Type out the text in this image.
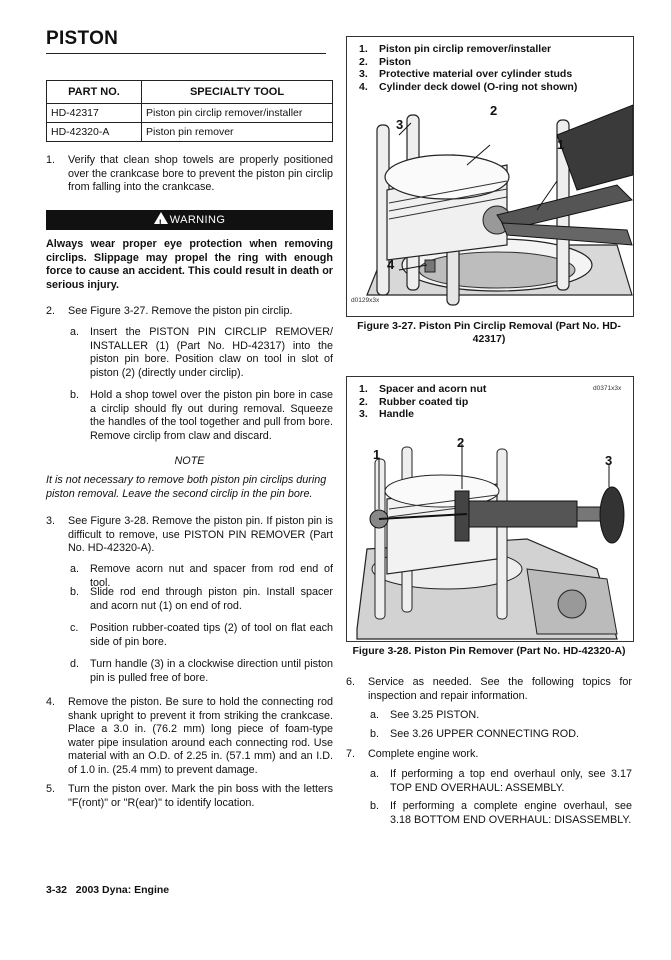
PISTON
PART NO.	SPECIALTY TOOL
HD-42317	Piston pin circlip remover/installer
HD-42320-A	Piston pin remover
1. Verify that clean shop towels are properly positioned over the crankcase bore to prevent the piston pin circlip from falling into the crankcase.
!WARNING
Always wear proper eye protection when removing circlips. Slippage may propel the ring with enough force to cause an accident. This could result in death or serious injury.
2. See Figure 3-27. Remove the piston pin circlip.
a. Insert the PISTON PIN CIRCLIP REMOVER/ INSTALLER (1) (Part No. HD-42317) into the piston pin bore. Position claw on tool in slot of piston (2) (directly under circlip).
b. Hold a shop towel over the piston pin bore in case a circlip should fly out during removal. Squeeze the handles of the tool together and pull from bore. Remove circlip from claw and discard.
NOTE
It is not necessary to remove both piston pin circlips during piston removal. Leave the second circlip in the pin bore.
3. See Figure 3-28. Remove the piston pin. If piston pin is difficult to remove, use PISTON PIN REMOVER (Part No. HD-42320-A).
a. Remove acorn nut and spacer from rod end of tool.
b. Slide rod end through piston pin. Install spacer and acorn nut (1) on end of rod.
c. Position rubber-coated tips (2) of tool on flat each side of pin bore.
d. Turn handle (3) in a clockwise direction until piston pin is pulled free of bore.
4. Remove the piston. Be sure to hold the connecting rod shank upright to prevent it from striking the crankcase. Place a 3.0 in. (76.2 mm) long piece of foam-type water pipe insulation around each connecting rod. Use material with an O.D. of 2.25 in. (57.1 mm) and an I.D. of 1.0 in. (25.4 mm) to prevent damage.
5. Turn the piston over. Mark the pin boss with the letters "F(ront)" or "R(ear)" to identify location.
1. Piston pin circlip remover/installer
2. Piston
3. Protective material over cylinder studs
4. Cylinder deck dowel (O-ring not shown)
3
2
1
4
d0129x3x
Figure 3-27. Piston Pin Circlip Removal (Part No. HD-42317)
1. Spacer and acorn nut
2. Rubber coated tip
3. Handle
d0371x3x
1
2
3
Figure 3-28. Piston Pin Remover (Part No. HD-42320-A)
6. Service as needed. See the following topics for inspection and repair information.
a. See 3.25 PISTON.
b. See 3.26 UPPER CONNECTING ROD.
7. Complete engine work.
a. If performing a top end overhaul only, see 3.17 TOP END OVERHAUL: ASSEMBLY.
b. If performing a complete engine overhaul, see 3.18 BOTTOM END OVERHAUL: DISASSEMBLY.
3-32   2003 Dyna: Engine
